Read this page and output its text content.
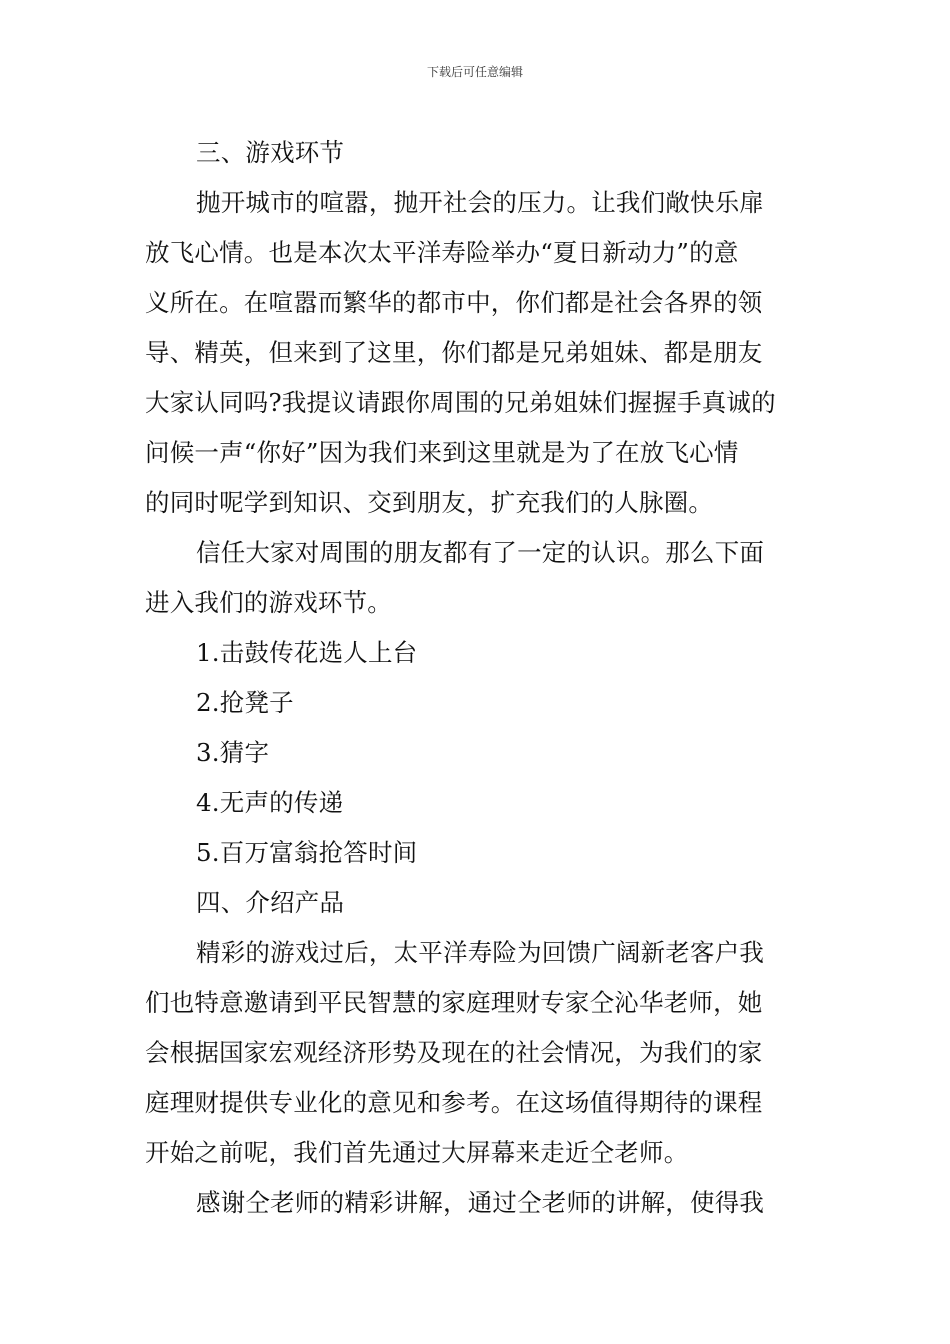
下载后可任意编辑
三、游戏环节
抛开城市的喧嚣，抛开社会的压力。让我们敞快乐扉
放飞心情。也是本次太平洋寿险举办“夏日新动力”的意
义所在。在喧嚣而繁华的都市中，你们都是社会各界的领
导、精英，但来到了这里，你们都是兄弟姐妹、都是朋友
大家认同吗?我提议请跟你周围的兄弟姐妹们握握手真诚的
问候一声“你好”因为我们来到这里就是为了在放飞心情
的同时呢学到知识、交到朋友，扩充我们的人脉圈。
信任大家对周围的朋友都有了一定的认识。那么下面
进入我们的游戏环节。
1.击鼓传花选人上台
2.抢凳子
3.猜字
4.无声的传递
5.百万富翁抢答时间
四、介绍产品
精彩的游戏过后，太平洋寿险为回馈广阔新老客户我
们也特意邀请到平民智慧的家庭理财专家仝沁华老师，她
会根据国家宏观经济形势及现在的社会情况，为我们的家
庭理财提供专业化的意见和参考。在这场值得期待的课程
开始之前呢，我们首先通过大屏幕来走近仝老师。
感谢仝老师的精彩讲解，通过仝老师的讲解，使得我
